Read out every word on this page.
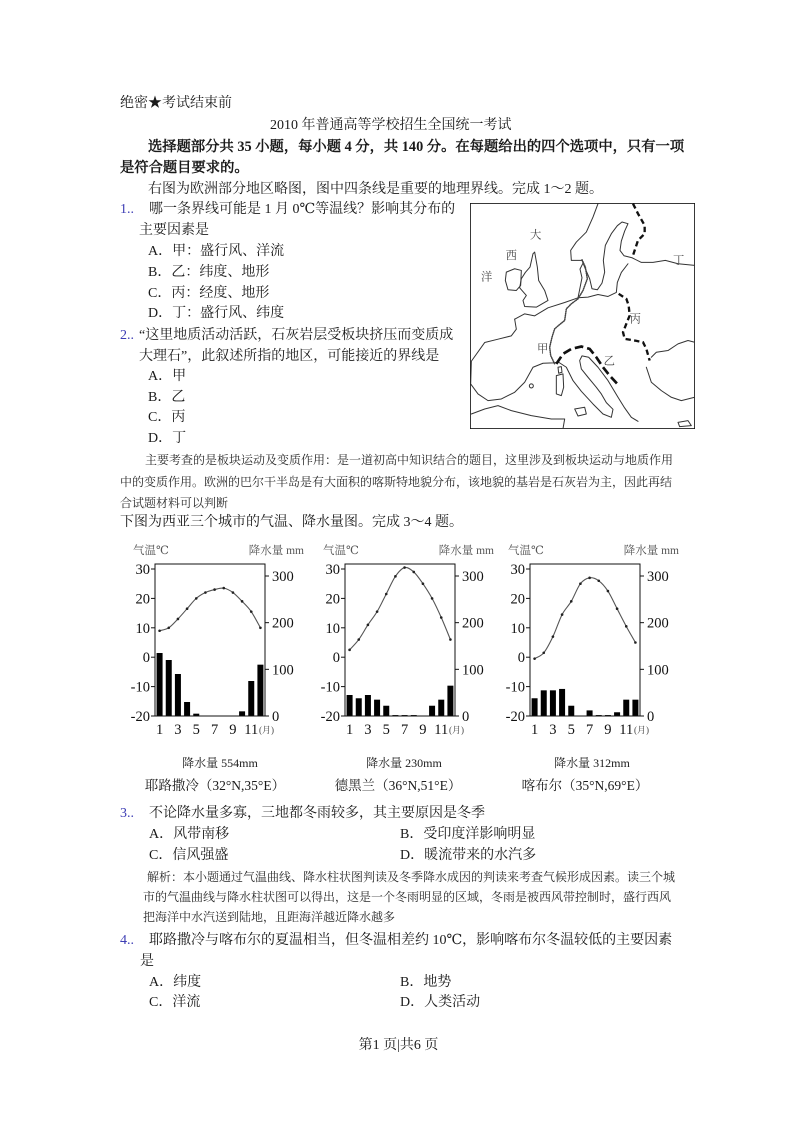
绝密★考试结束前
2010 年普通高等学校招生全国统一考试
选择题部分共 35 小题，每小题 4 分，共 140 分。在每题给出的四个选项中，只有一项
是符合题目要求的。
右图为欧洲部分地区略图，图中四条线是重要的地理界线。完成 1～2 题。
1.. 哪一条界线可能是 1 月 0℃等温线？影响其分布的
主要因素是
A．甲：盛行风、洋流
B．乙：纬度、地形
C．丙：经度、地形
D．丁：盛行风、纬度
2.. “这里地质活动活跃，石灰岩层受板块挤压而变质成
大理石”，此叙述所指的地区，可能接近的界线是
A．甲
B．乙
C．丙
D．丁
大
西
洋
丁
丙
甲
乙
主要考查的是板块运动及变质作用：是一道初高中知识结合的题目，这里涉及到板块运动与地质作用
中的变质作用。欧洲的巴尔干半岛是有大面积的喀斯特地貌分布，该地貌的基岩是石灰岩为主，因此再结
合试题材料可以判断
下图为西亚三个城市的气温、降水量图。完成 3～4 题。
气温℃	降水量 mm
30
20
10
0
-10
-20
300
200
100
0
1 3 5 7 9 11 (月)
气温℃	降水量 mm
30
20
10
0
-10
-20
300
200
100
0
1 3 5 7 9 11 (月)
气温℃	降水量 mm
30
20
10
0
-10
-20
300
200
100
0
1 3 5 7 9 11 (月)
降水量 554mm
耶路撒冷（32°N,35°E）
降水量 230mm
德黑兰（36°N,51°E）
降水量 312mm
喀布尔（35°N,69°E）
3.. 不论降水量多寡，三地都冬雨较多，其主要原因是冬季
A．风带南移	B．受印度洋影响明显
C．信风强盛	D．暖流带来的水汽多
解析：本小题通过气温曲线、降水柱状图判读及冬季降水成因的判读来考查气候形成因素。读三个城
市的气温曲线与降水柱状图可以得出，这是一个冬雨明显的区域，冬雨是被西风带控制时，盛行西风
把海洋中水汽送到陆地，且距海洋越近降水越多
4.. 耶路撒冷与喀布尔的夏温相当，但冬温相差约 10℃，影响喀布尔冬温较低的主要因素
是
A．纬度	B．地势
C．洋流	D．人类活动
第1 页|共6 页
